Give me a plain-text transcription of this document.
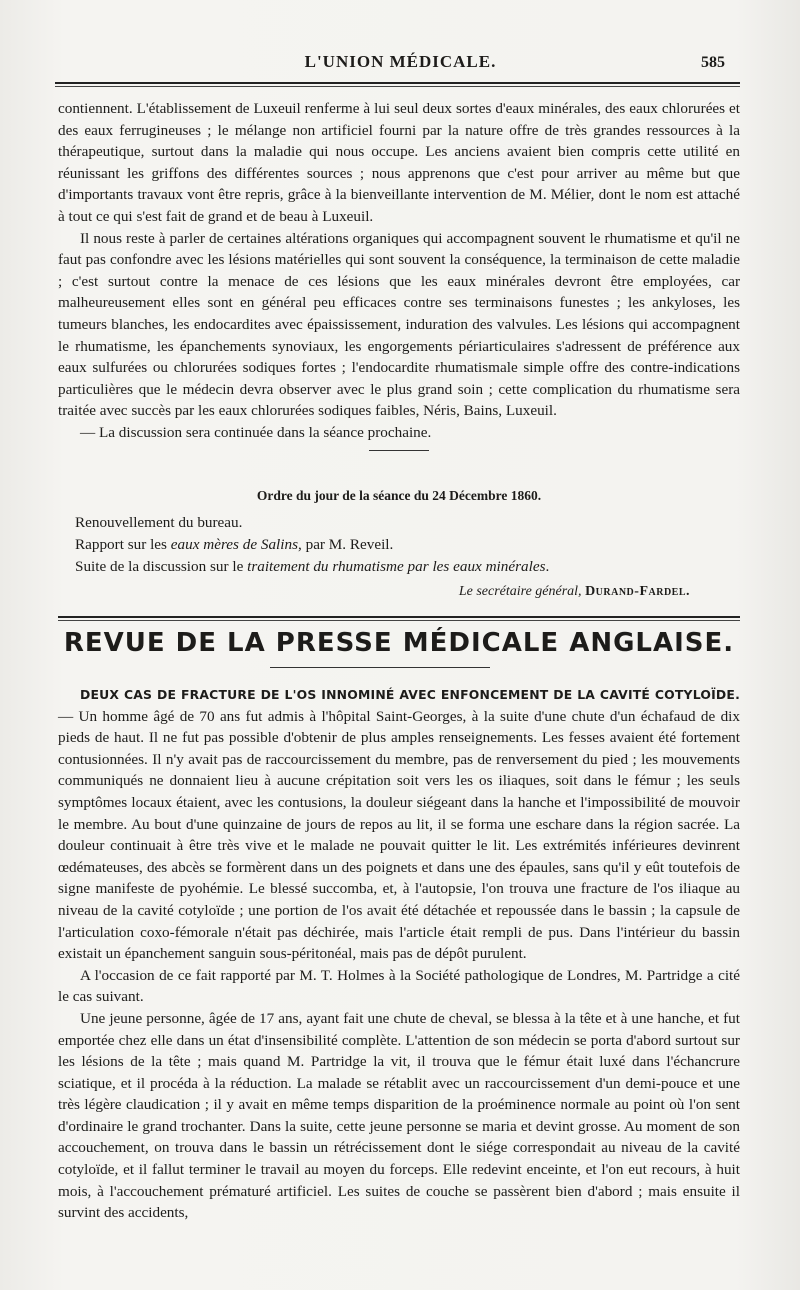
L'UNION MÉDICALE.	585

contiennent. L'établissement de Luxeuil renferme à lui seul deux sortes d'eaux minérales, des eaux chlorurées et des eaux ferrugineuses ; le mélange non artificiel fourni par la nature offre de très grandes ressources à la thérapeutique, surtout dans la maladie qui nous occupe. Les anciens avaient bien compris cette utilité en réunissant les griffons des différentes sources ; nous apprenons que c'est pour arriver au même but que d'importants travaux vont être repris, grâce à la bienveillante intervention de M. Mélier, dont le nom est attaché à tout ce qui s'est fait de grand et de beau à Luxeuil.

Il nous reste à parler de certaines altérations organiques qui accompagnent souvent le rhumatisme et qu'il ne faut pas confondre avec les lésions matérielles qui sont souvent la conséquence, la terminaison de cette maladie ; c'est surtout contre la menace de ces lésions que les eaux minérales devront être employées, car malheureusement elles sont en général peu efficaces contre ses terminaisons funestes ; les ankyloses, les tumeurs blanches, les endocardites avec épaississement, induration des valvules. Les lésions qui accompagnent le rhumatisme, les épanchements synoviaux, les engorgements périarticulaires s'adressent de préférence aux eaux sulfurées ou chlorurées sodiques fortes ; l'endocardite rhumatismale simple offre des contre-indications particulières que le médecin devra observer avec le plus grand soin ; cette complication du rhumatisme sera traitée avec succès par les eaux chlorurées sodiques faibles, Néris, Bains, Luxeuil.

— La discussion sera continuée dans la séance prochaine.

Ordre du jour de la séance du 24 Décembre 1860.
Renouvellement du bureau.
Rapport sur les eaux mères de Salins, par M. Reveil.
Suite de la discussion sur le traitement du rhumatisme par les eaux minérales.
Le secrétaire général, Durand-Fardel.
REVUE DE LA PRESSE MÉDICALE ANGLAISE.

DEUX CAS DE FRACTURE DE L'OS INNOMINÉ AVEC ENFONCEMENT DE LA CAVITÉ COTYLOÏDE. — Un homme âgé de 70 ans fut admis à l'hôpital Saint-Georges, à la suite d'une chute d'un échafaud de dix pieds de haut. Il ne fut pas possible d'obtenir de plus amples renseignements. Les fesses avaient été fortement contusionnées. Il n'y avait pas de raccourcissement du membre, pas de renversement du pied ; les mouvements communiqués ne donnaient lieu à aucune crépitation soit vers les os iliaques, soit dans le fémur ; les seuls symptômes locaux étaient, avec les contusions, la douleur siégeant dans la hanche et l'impossibilité de mouvoir le membre. Au bout d'une quinzaine de jours de repos au lit, il se forma une eschare dans la région sacrée. La douleur continuait à être très vive et le malade ne pouvait quitter le lit. Les extrémités inférieures devinrent œdémateuses, des abcès se formèrent dans un des poignets et dans une des épaules, sans qu'il y eût toutefois de signe manifeste de pyohémie. Le blessé succomba, et, à l'autopsie, l'on trouva une fracture de l'os iliaque au niveau de la cavité cotyloïde ; une portion de l'os avait été détachée et repoussée dans le bassin ; la capsule de l'articulation coxo-fémorale n'était pas déchirée, mais l'article était rempli de pus. Dans l'intérieur du bassin existait un épanchement sanguin sous-péritonéal, mais pas de dépôt purulent.

A l'occasion de ce fait rapporté par M. T. Holmes à la Société pathologique de Londres, M. Partridge a cité le cas suivant.

Une jeune personne, âgée de 17 ans, ayant fait une chute de cheval, se blessa à la tête et à une hanche, et fut emportée chez elle dans un état d'insensibilité complète. L'attention de son médecin se porta d'abord surtout sur les lésions de la tête ; mais quand M. Partridge la vit, il trouva que le fémur était luxé dans l'échancrure sciatique, et il procéda à la réduction. La malade se rétablit avec un raccourcissement d'un demi-pouce et une très légère claudication ; il y avait en même temps disparition de la proéminence normale au point où l'on sent d'ordinaire le grand trochanter. Dans la suite, cette jeune personne se maria et devint grosse. Au moment de son accouchement, on trouva dans le bassin un rétrécissement dont le siége correspondait au niveau de la cavité cotyloïde, et il fallut terminer le travail au moyen du forceps. Elle redevint enceinte, et l'on eut recours, à huit mois, à l'accouchement prématuré artificiel. Les suites de couche se passèrent bien d'abord ; mais ensuite il survint des accidents,
